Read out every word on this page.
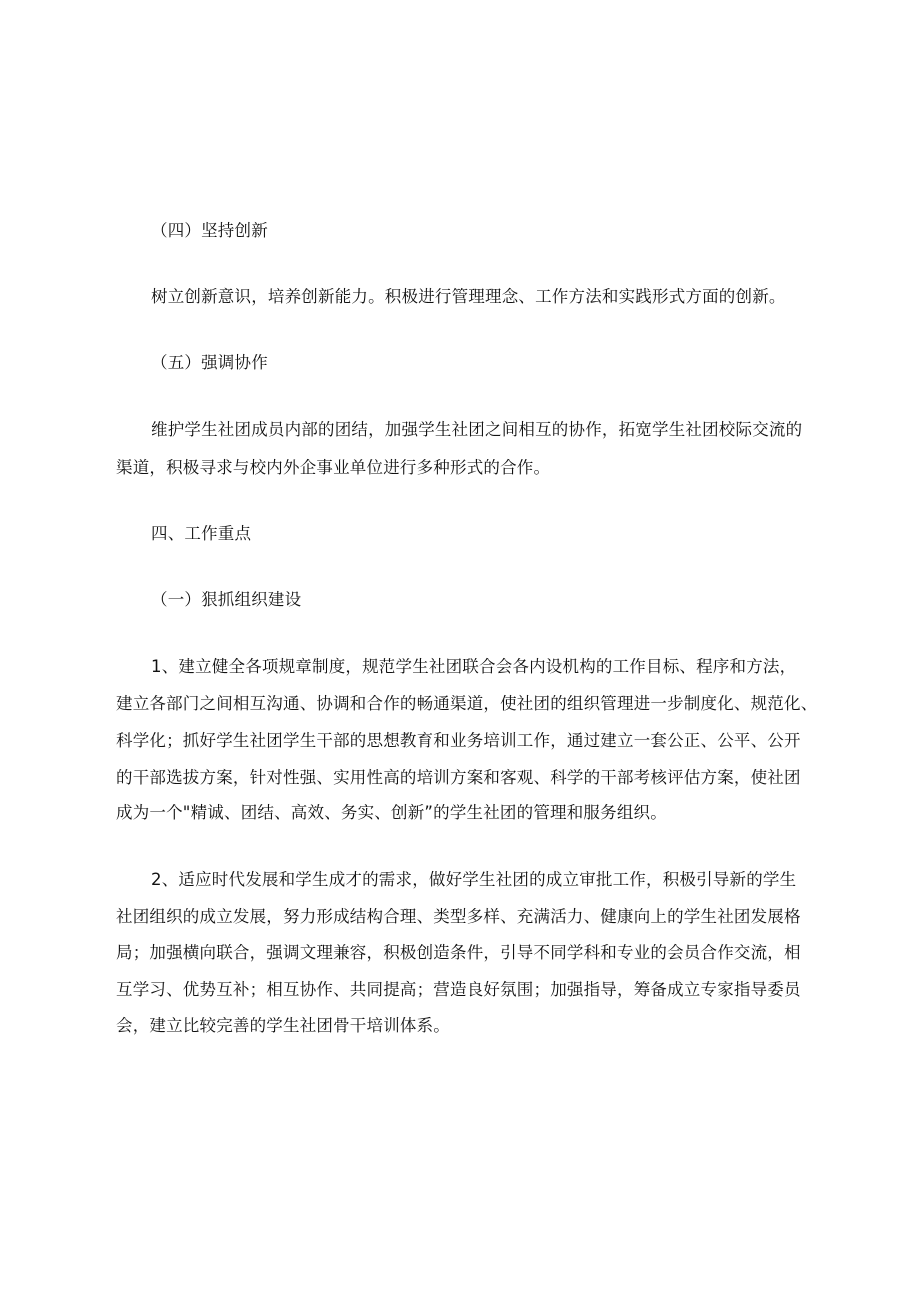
（四）坚持创新
树立创新意识，培养创新能力。积极进行管理理念、工作方法和实践形式方面的创新。
（五）强调协作
维护学生社团成员内部的团结，加强学生社团之间相互的协作，拓宽学生社团校际交流的
渠道，积极寻求与校内外企事业单位进行多种形式的合作。
四、工作重点
（一）狠抓组织建设
1、建立健全各项规章制度，规范学生社团联合会各内设机构的工作目标、程序和方法，
建立各部门之间相互沟通、协调和合作的畅通渠道，使社团的组织管理进一步制度化、规范化、
科学化；抓好学生社团学生干部的思想教育和业务培训工作，通过建立一套公正、公平、公开
的干部选拔方案，针对性强、实用性高的培训方案和客观、科学的干部考核评估方案，使社团
成为一个"精诚、团结、高效、务实、创新”的学生社团的管理和服务组织。
2、适应时代发展和学生成才的需求，做好学生社团的成立审批工作，积极引导新的学生
社团组织的成立发展，努力形成结构合理、类型多样、充满活力、健康向上的学生社团发展格
局；加强横向联合，强调文理兼容，积极创造条件，引导不同学科和专业的会员合作交流，相
互学习、优势互补；相互协作、共同提高；营造良好氛围；加强指导，筹备成立专家指导委员
会，建立比较完善的学生社团骨干培训体系。
